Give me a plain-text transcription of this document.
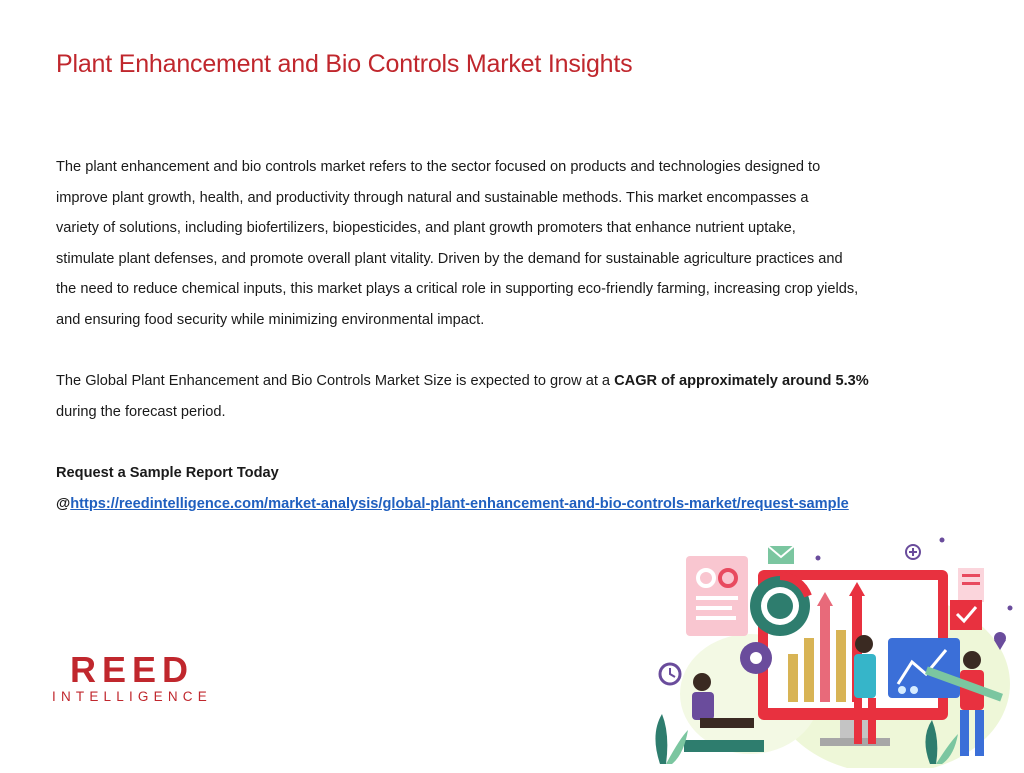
Plant Enhancement and Bio Controls Market Insights

The plant enhancement and bio controls market refers to the sector focused on products and technologies designed to
improve plant growth, health, and productivity through natural and sustainable methods. This market encompasses a
variety of solutions, including biofertilizers, biopesticides, and plant growth promoters that enhance nutrient uptake,
stimulate plant defenses, and promote overall plant vitality. Driven by the demand for sustainable agriculture practices and
the need to reduce chemical inputs, this market plays a critical role in supporting eco-friendly farming, increasing crop yields,
and ensuring food security while minimizing environmental impact.

The Global Plant Enhancement and Bio Controls Market Size is expected to grow at a CAGR of approximately around 5.3%
during the forecast period.

Request a Sample Report Today
@https://reedintelligence.com/market-analysis/global-plant-enhancement-and-bio-controls-market/request-sample

REED
INTELLIGENCE
